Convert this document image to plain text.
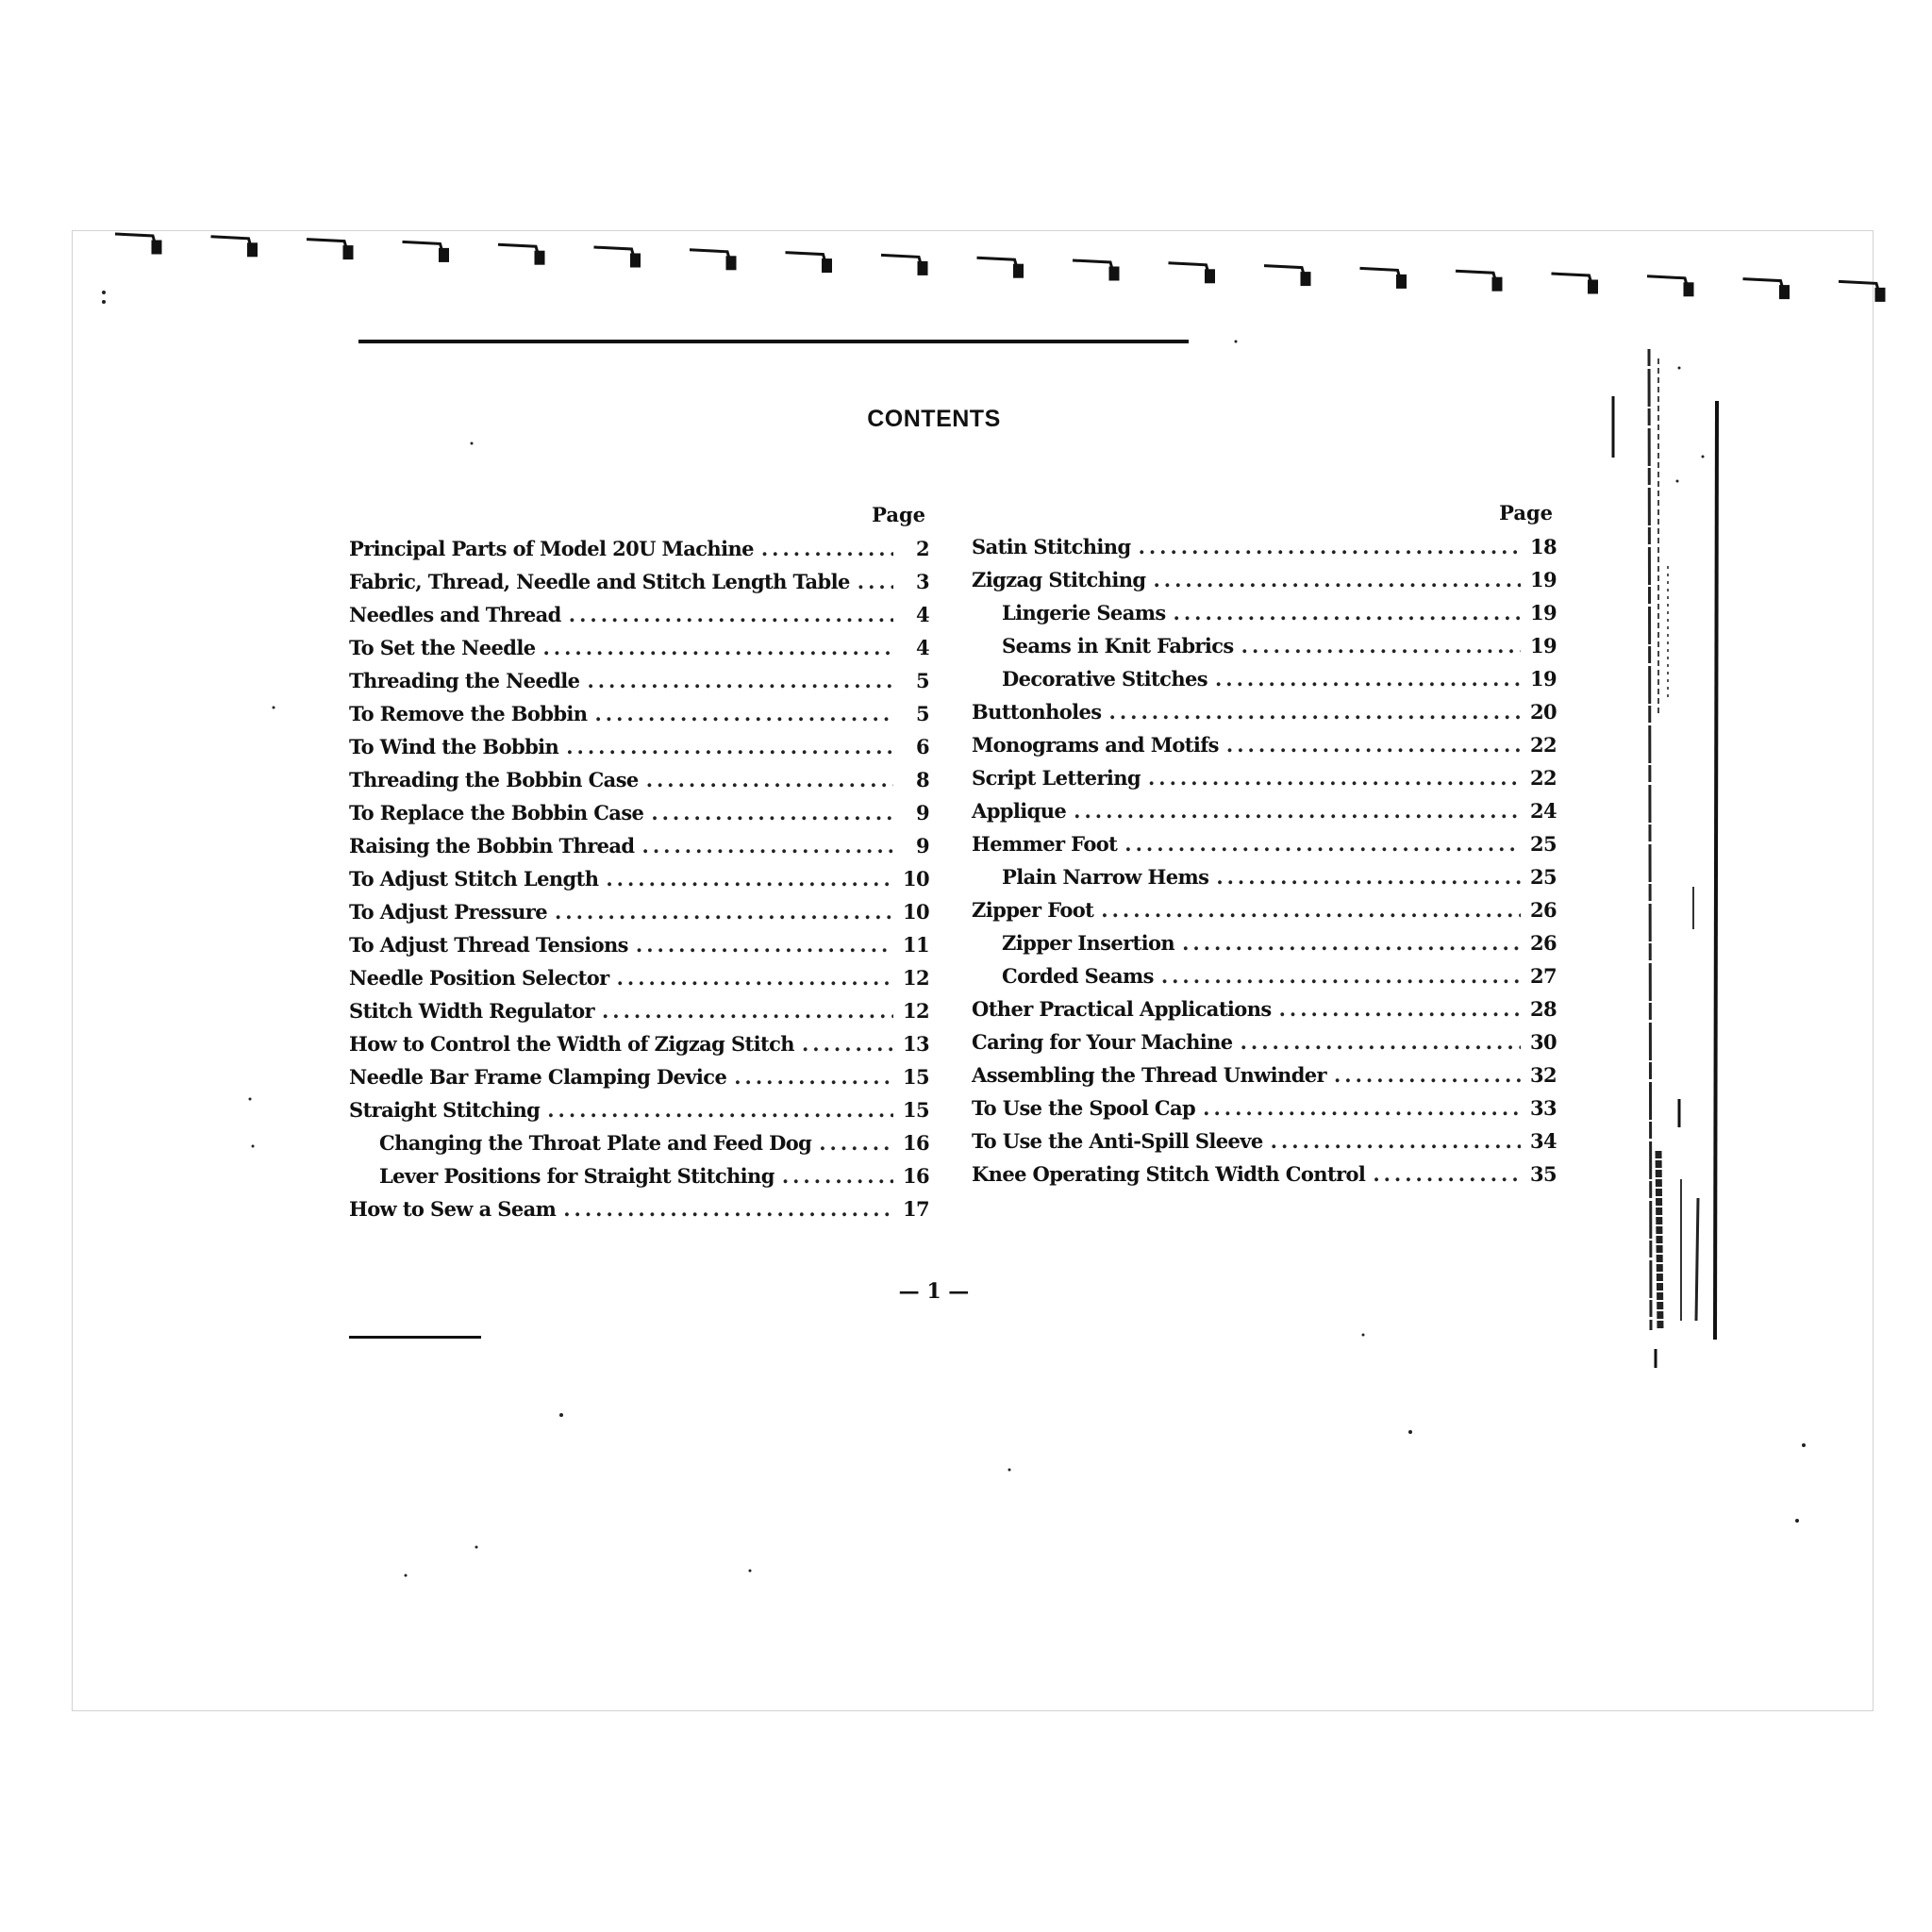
CONTENTS
Page
Principal Parts of Model 20U Machine .....	2
Fabric, Thread, Needle and Stitch Length Table .....	3
Needles and Thread .....	4
To Set the Needle .....	4
Threading the Needle .....	5
To Remove the Bobbin .....	5
To Wind the Bobbin .....	6
Threading the Bobbin Case .....	8
To Replace the Bobbin Case .....	9
Raising the Bobbin Thread .....	9
To Adjust Stitch Length .....	10
To Adjust Pressure .....	10
To Adjust Thread Tensions .....	11
Needle Position Selector .....	12
Stitch Width Regulator .....	12
How to Control the Width of Zigzag Stitch .....	13
Needle Bar Frame Clamping Device .....	15
Straight Stitching .....	15
Changing the Throat Plate and Feed Dog .....	16
Lever Positions for Straight Stitching .....	16
How to Sew a Seam .....	17
Page
Satin Stitching .....	18
Zigzag Stitching .....	19
Lingerie Seams .....	19
Seams in Knit Fabrics .....	19
Decorative Stitches .....	19
Buttonholes .....	20
Monograms and Motifs .....	22
Script Lettering .....	22
Applique .....	24
Hemmer Foot .....	25
Plain Narrow Hems .....	25
Zipper Foot .....	26
Zipper Insertion .....	26
Corded Seams .....	27
Other Practical Applications .....	28
Caring for Your Machine .....	30
Assembling the Thread Unwinder .....	32
To Use the Spool Cap .....	33
To Use the Anti-Spill Sleeve .....	34
Knee Operating Stitch Width Control .....	35
— 1 —
